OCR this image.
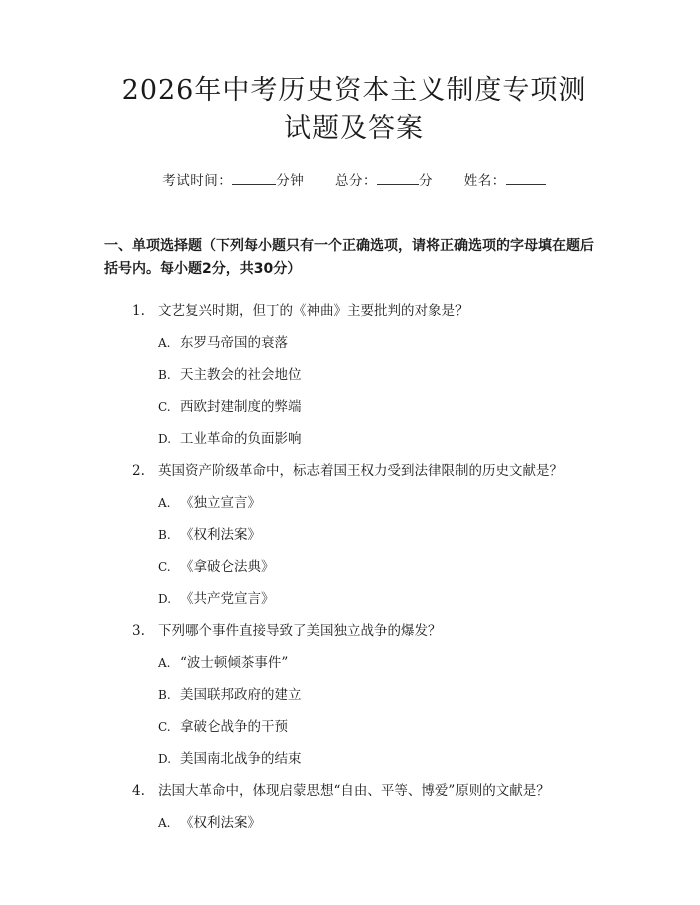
2026年中考历史资本主义制度专项测试题及答案
考试时间：	分钟 总分：	分 姓名：
一、单项选择题（下列每小题只有一个正确选项，请将正确选项的字母填在题后括号内。每小题2分，共30分）
1. 文艺复兴时期，但丁的《神曲》主要批判的对象是？
A. 东罗马帝国的衰落
B. 天主教会的社会地位
C. 西欧封建制度的弊端
D. 工业革命的负面影响
2. 英国资产阶级革命中，标志着国王权力受到法律限制的历史文献是？
A. 《独立宣言》
B. 《权利法案》
C. 《拿破仑法典》
D. 《共产党宣言》
3. 下列哪个事件直接导致了美国独立战争的爆发？
A. “波士顿倾茶事件”
B. 美国联邦政府的建立
C. 拿破仑战争的干预
D. 美国南北战争的结束
4. 法国大革命中，体现启蒙思想“自由、平等、博爱”原则的文献是？
A. 《权利法案》
